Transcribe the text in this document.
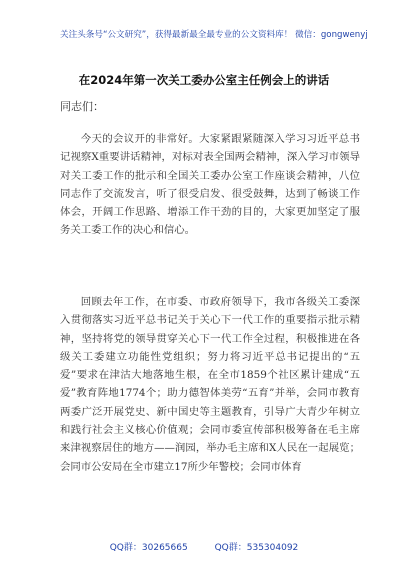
关注头条号“公文研究”，获得最新最全最专业的公文资料库！ 微信：gongwenyj
在2024年第一次关工委办公室主任例会上的讲话
同志们：

今天的会议开的非常好。大家紧跟紧随深入学习习近平总书记视察X重要讲话精神，对标对表全国两会精神，深入学习市领导对关工委工作的批示和全国关工委办公室工作座谈会精神，八位同志作了交流发言，听了很受启发、很受鼓舞，达到了畅谈工作体会，开阔工作思路、增添工作干劲的目的，大家更加坚定了服务关工委工作的决心和信心。

回顾去年工作，在市委、市政府领导下，我市各级关工委深入贯彻落实习近平总书记关于关心下一代工作的重要指示批示精神，坚持将党的领导贯穿关心下一代工作全过程，积极推进在各级关工委建立功能性党组织；努力将习近平总书记提出的“五爱”要求在津沽大地落地生根，在全市1859个社区累计建成“五爱”教育阵地1774个；助力德智体美劳“五育”并举，会同市教育两委广泛开展党史、新中国史等主题教育，引导广大青少年树立和践行社会主义核心价值观；会同市委宣传部积极筹备在毛主席来津视察居住的地方——润园，举办毛主席和X人民在一起展览；会同市公安局在全市建立17所少年警校；会同市体育

QQ群：30265665	QQ群：535304092
